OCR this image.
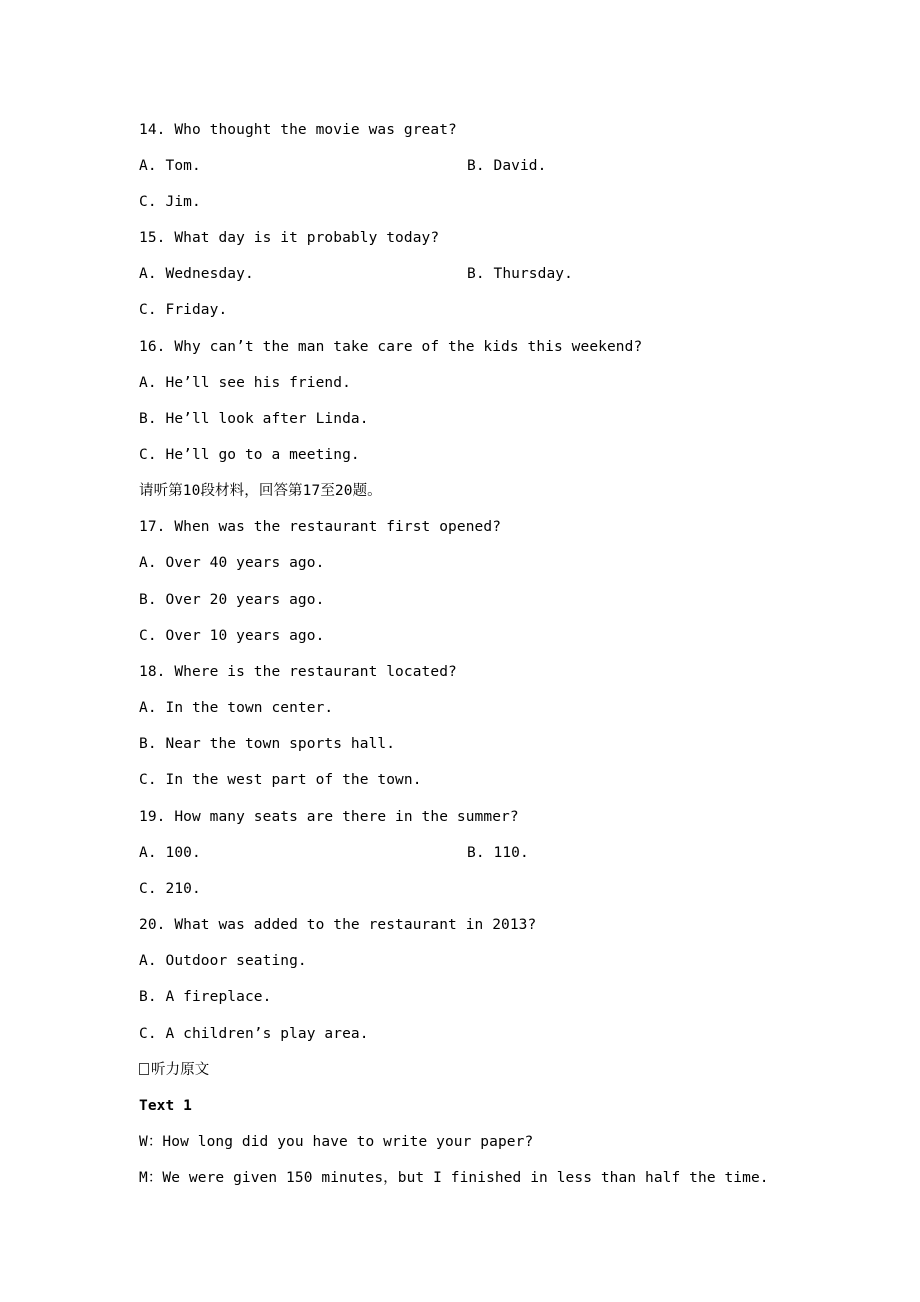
14. Who thought the movie was great?
A. Tom.	B. David.
C. Jim.
15. What day is it probably today?
A. Wednesday.	B. Thursday.
C. Friday.
16. Why can’t the man take care of the kids this weekend?
A. He’ll see his friend.
B. He’ll look after Linda.
C. He’ll go to a meeting.
请听第10段材料，回答第17至20题。
17. When was the restaurant first opened?
A. Over 40 years ago.
B. Over 20 years ago.
C. Over 10 years ago.
18. Where is the restaurant located?
A. In the town center.
B. Near the town sports hall.
C. In the west part of the town.
19. How many seats are there in the summer?
A. 100.	B. 110.
C. 210.
20. What was added to the restaurant in 2013?
A. Outdoor seating.
B. A fireplace.
C. A children’s play area.
听力原文
Text 1
W：How long did you have to write your paper?
M：We were given 150 minutes，but I finished in less than half the time.
